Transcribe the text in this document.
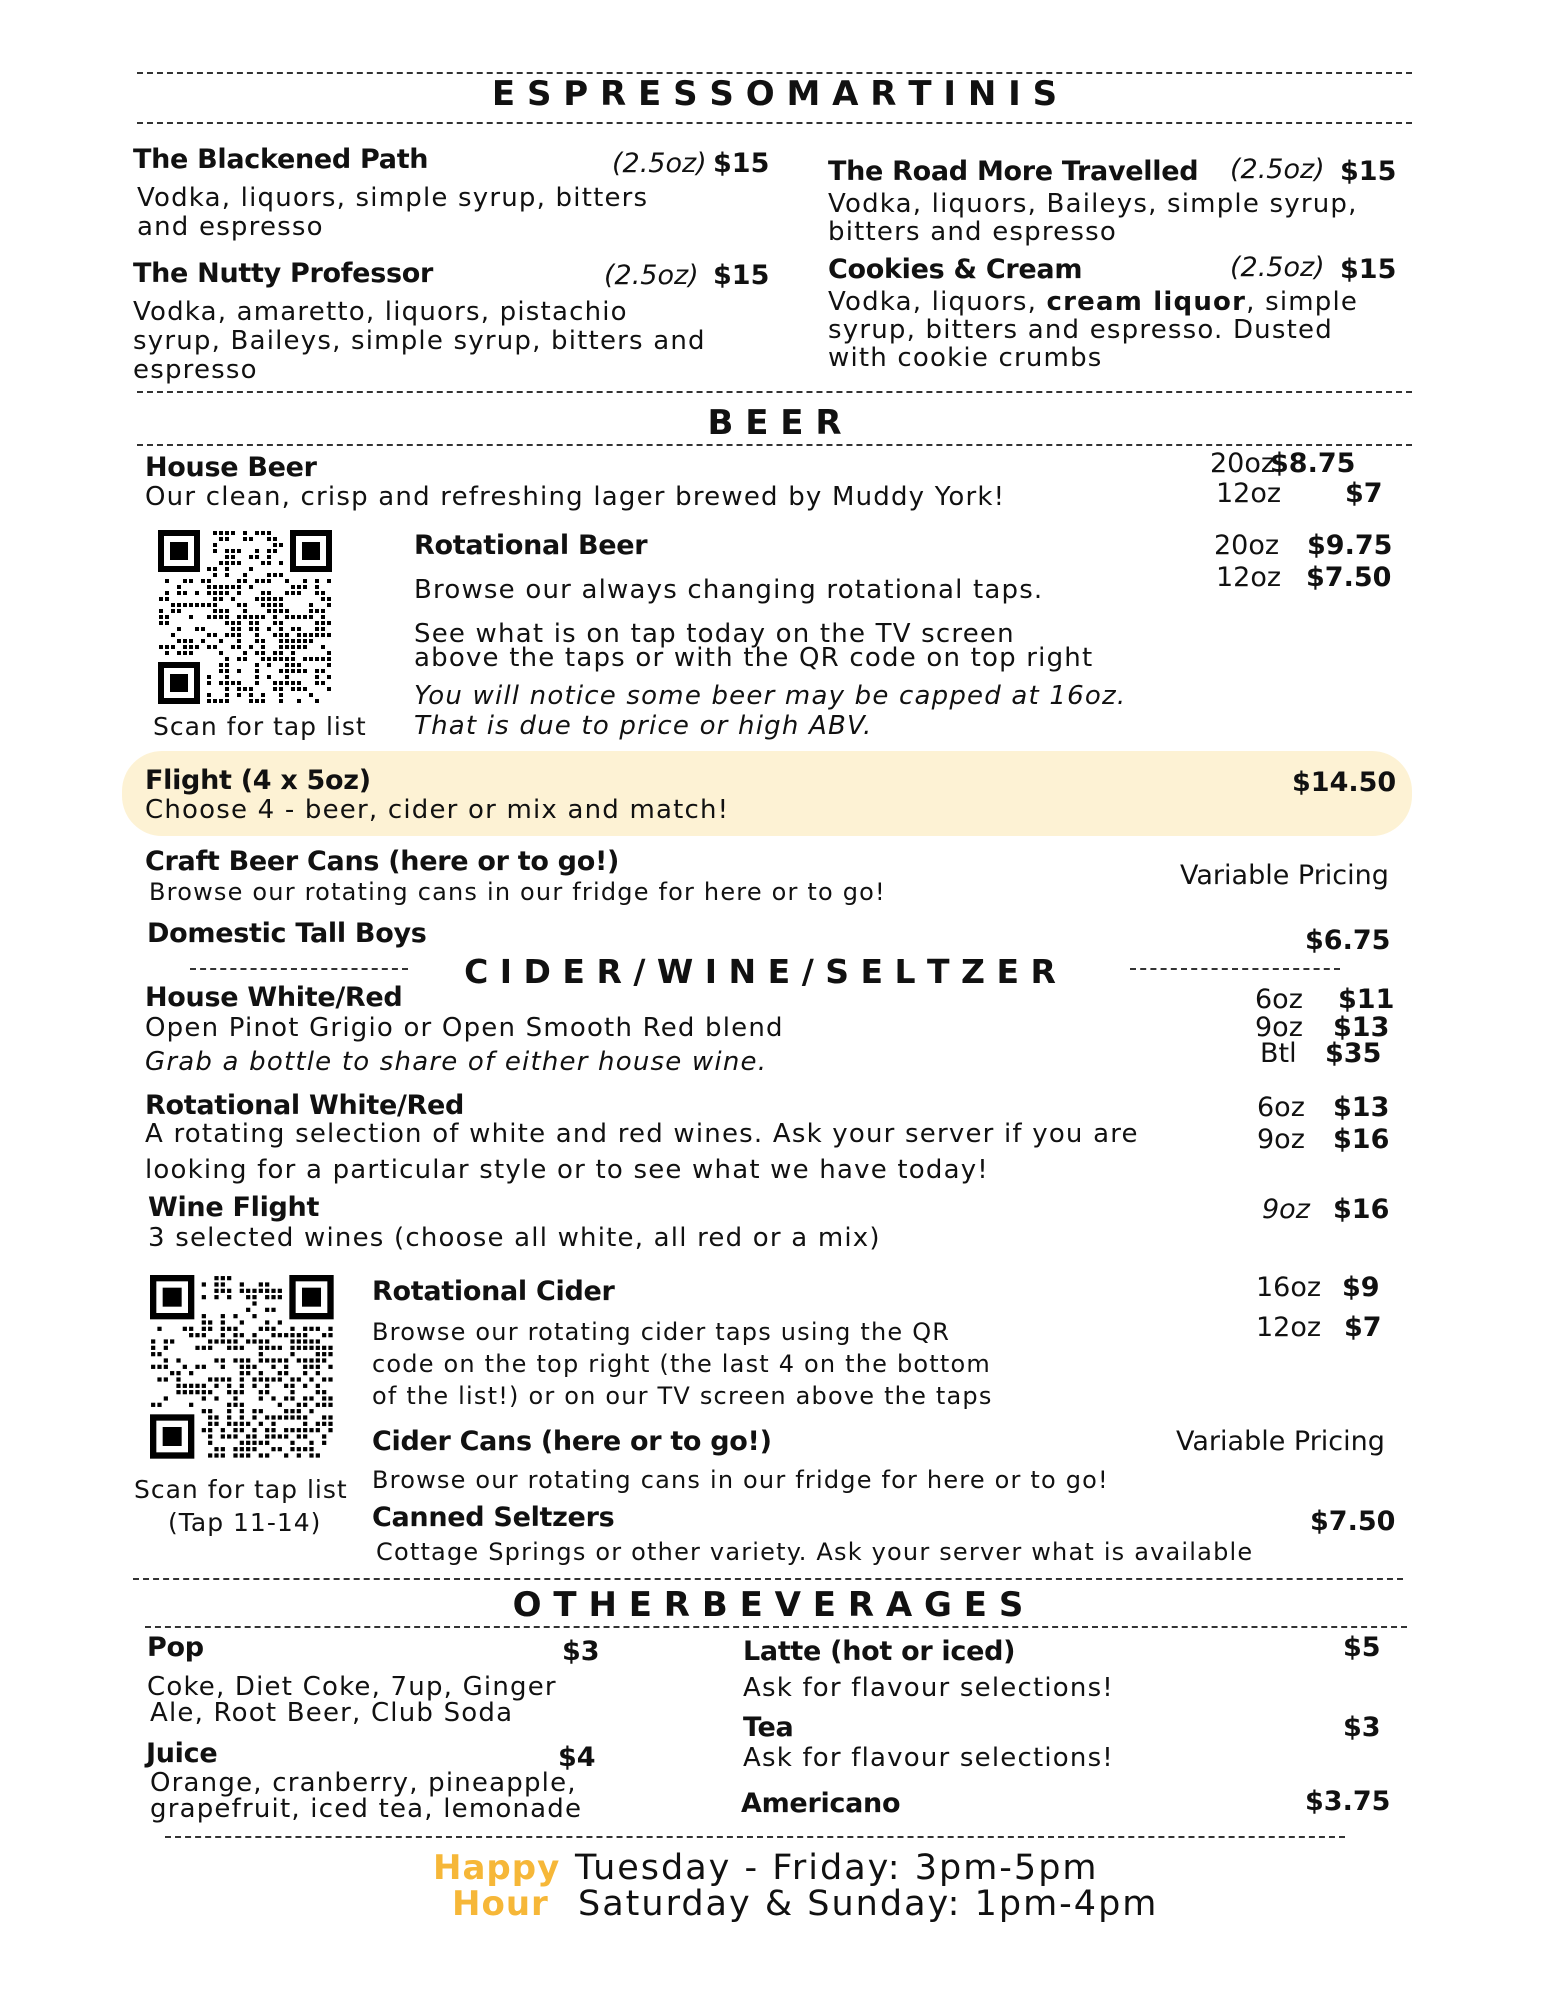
E S P R E S S O M A R T I N I S
The Blackened Path	(2.5oz) $15
Vodka, liquors, simple syrup, bitters and espresso
The Nutty Professor	(2.5oz) $15
Vodka, amaretto, liquors, pistachio syrup, Baileys, simple syrup, bitters and espresso
The Road More Travelled (2.5oz) $15
Vodka, liquors, Baileys, simple syrup, bitters and espresso
Cookies & Cream	(2.5oz) $15
Vodka, liquors, cream liquor, simple syrup, bitters and espresso. Dusted with cookie crumbs
B E E R
House Beer
Our clean, crisp and refreshing lager brewed by Muddy York!
20oz
$8.75
12oz $7
Scan for tap list
Rotational Beer
Browse our always changing rotational taps.
See what is on tap today on the TV screen
above the taps or with the QR code on top right
You will notice some beer may be capped at 16oz.
That is due to price or high ABV.
20oz $9.75
12oz $7.50
Flight (4 x 5oz)
Choose 4 - beer, cider or mix and match!
$14.50
Craft Beer Cans (here or to go!)
Browse our rotating cans in our fridge for here or to go!
Variable Pricing
Domestic Tall Boys	$6.75
C I D E R / W I N E / S E L T Z E R
House White/Red
Open Pinot Grigio or Open Smooth Red blend
Grab a bottle to share of either house wine.
6oz $11
9oz $13
Btl $35
Rotational White/Red
A rotating selection of white and red wines. Ask your server if you are
looking for a particular style or to see what we have today!
6oz $13
9oz $16
Wine Flight
3 selected wines (choose all white, all red or a mix)
9oz $16
Scan for tap list
(Tap 11-14)
Rotational Cider
Browse our rotating cider taps using the QR
code on the top right (the last 4 on the bottom
of the list!) or on our TV screen above the taps
16oz $9
12oz $7
Cider Cans (here or to go!)
Browse our rotating cans in our fridge for here or to go!
Variable Pricing
Canned Seltzers
Cottage Springs or other variety. Ask your server what is available
$7.50
O T H E R B E V E R A G E S
Pop	$3
Coke, Diet Coke, 7up, Ginger
Ale, Root Beer, Club Soda
Juice	$4
Orange, cranberry, pineapple,
grapefruit, iced tea, lemonade
Latte (hot or iced)	$5
Ask for flavour selections!
Tea	$3
Ask for flavour selections!
Americano	$3.75
Happy
Hour
Tuesday - Friday: 3pm-5pm
Saturday & Sunday: 1pm-4pm
